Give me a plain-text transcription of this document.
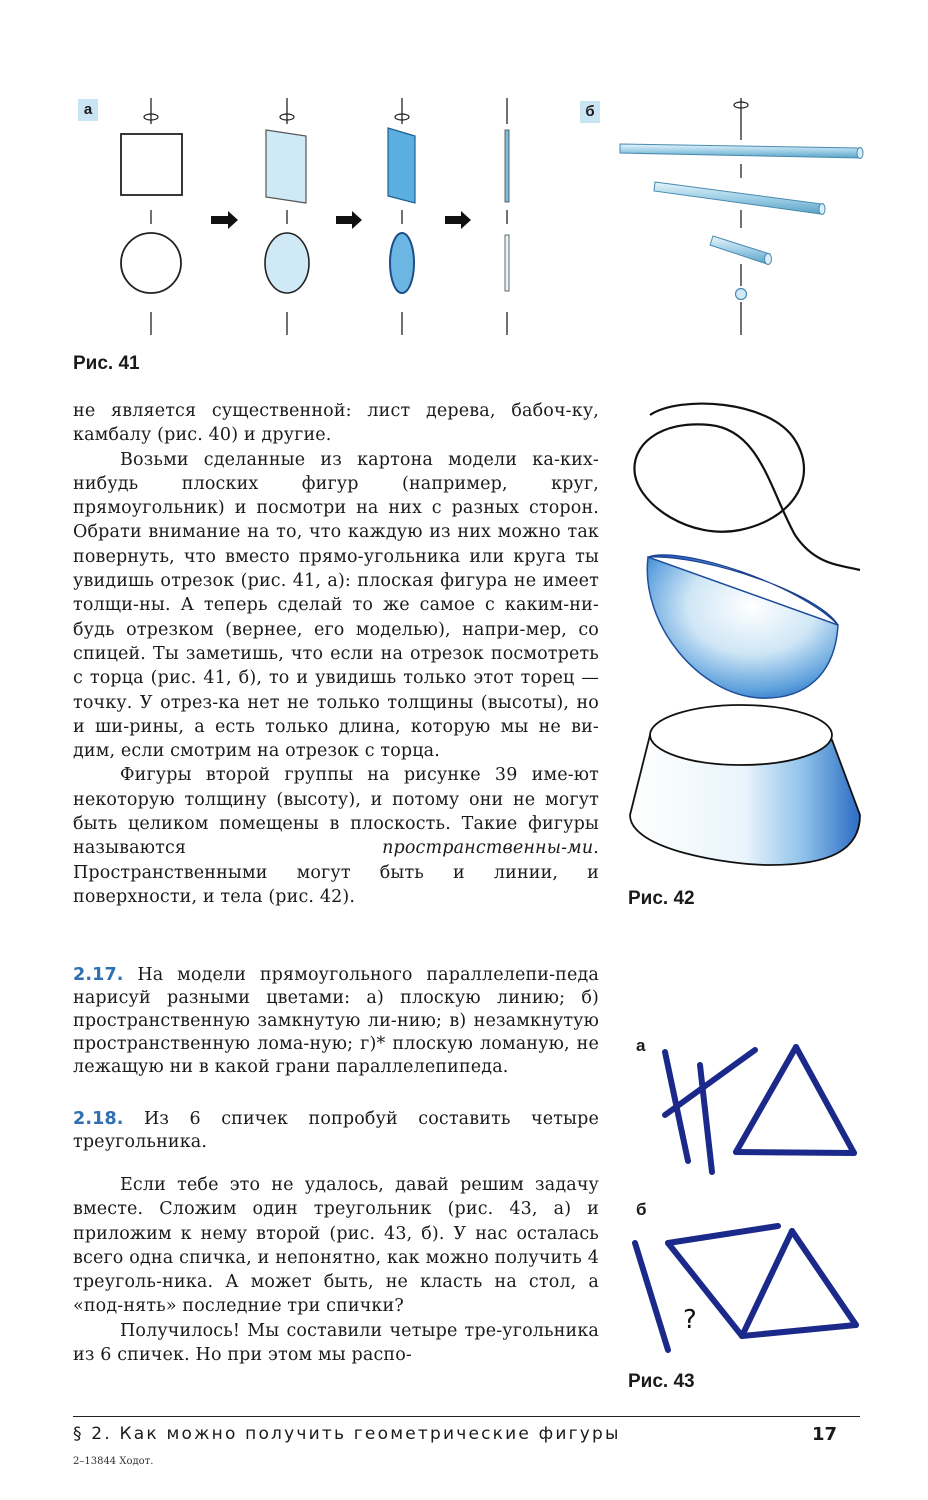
а	б
Рис. 41
Рис. 42
а
б
?
Рис. 43

не является существенной: лист дерева, бабоч-ку, камбалу (рис. 40) и другие.

Возьми сделанные из картона модели ка-ких-нибудь плоских фигур (например, круг, прямоугольник) и посмотри на них с разных сторон. Обрати внимание на то, что каждую из них можно так повернуть, что вместо прямо-угольника или круга ты увидишь отрезок (рис. 41, а): плоская фигура не имеет толщи-ны. А теперь сделай то же самое с каким-ни-будь отрезком (вернее, его моделью), напри-мер, со спицей. Ты заметишь, что если на отрезок посмотреть с торца (рис. 41, б), то и увидишь только этот торец — точку. У отрез-ка нет не только толщины (высоты), но и ши-рины, а есть только длина, которую мы не ви-дим, если смотрим на отрезок с торца.

Фигуры второй группы на рисунке 39 име-ют некоторую толщину (высоту), и потому они не могут быть целиком помещены в плоскость. Такие фигуры называются пространственны-ми. Пространственными могут быть и линии, и поверхности, и тела (рис. 42).

2.17. На модели прямоугольного параллелепи-педа нарисуй разными цветами: а) плоскую линию; б) пространственную замкнутую ли-нию; в) незамкнутую пространственную лома-ную; г)* плоскую ломаную, не лежащую ни в какой грани параллелепипеда.

2.18. Из 6 спичек попробуй составить четыре треугольника.

Если тебе это не удалось, давай решим задачу вместе. Сложим один треугольник (рис. 43, а) и приложим к нему второй (рис. 43, б). У нас осталась всего одна спичка, и непонятно, как можно получить 4 треуголь-ника. А может быть, не класть на стол, а «под-нять» последние три спички?

Получилось! Мы составили четыре тре-угольника из 6 спичек. Но при этом мы распо-

§ 2. Как можно получить геометрические фигуры	17
2–13844 Ходот.
